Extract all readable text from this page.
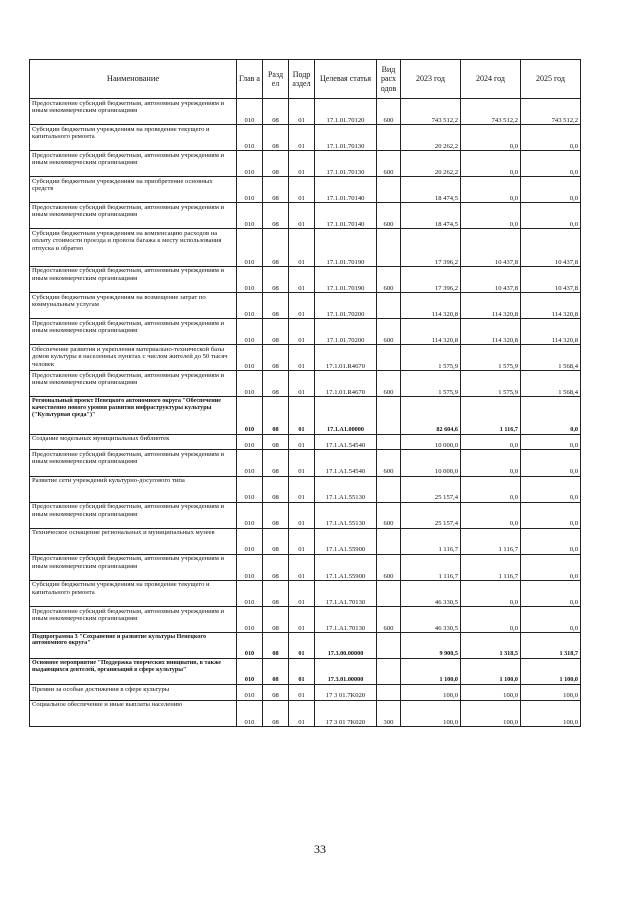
Наименование	Глав а	Разд ел	Подр аздел	Целевая статья	Вид расх одов	2023 год	2024 год	2025 год
Предоставление субсидий бюджетным, автономным учреждениям и иным некоммерческим организациям	010	08	01	17.1.01.70120	600	743 512,2	743 512,2	743 512,2
Субсидии бюджетным учреждениям на проведение текущего и капитального ремонта	010	08	01	17.1.01.70130		20 262,2	0,0	0,0
Предоставление субсидий бюджетным, автономным учреждениям и иным некоммерческим организациям	010	08	01	17.1.01.70130	600	20 262,2	0,0	0,0
Субсидии бюджетным учреждениям на приобретение основных средств	010	08	01	17.1.01.70140		18 474,5	0,0	0,0
Предоставление субсидий бюджетным, автономным учреждениям и иным некоммерческим организациям	010	08	01	17.1.01.70140	600	18 474,5	0,0	0,0
Субсидии бюджетным учреждениям на компенсацию расходов на оплату стоимости проезда и провоза багажа к месту использования отпуска и обратно	010	08	01	17.1.01.70190		17 396,2	10 437,8	10 437,8
Предоставление субсидий бюджетным, автономным учреждениям и иным некоммерческим организациям	010	08	01	17.1.01.70190	600	17 396,2	10 437,8	10 437,8
Субсидии бюджетным учреждениям на возмещение затрат по коммунальным услугам	010	08	01	17.1.01.70200		114 320,8	114 320,8	114 320,8
Предоставление субсидий бюджетным, автономным учреждениям и иным некоммерческим организациям	010	08	01	17.1.01.70200	600	114 320,8	114 320,8	114 320,8
Обеспечение развития и укрепления материально-технической базы домов культуры в населенных пунктах с числом жителей до 50 тысяч человек	010	08	01	17.1.01.R4670		1 575,9	1 575,9	1 568,4
Предоставление субсидий бюджетным, автономным учреждениям и иным некоммерческим организациям	010	08	01	17.1.01.R4670	600	1 575,9	1 575,9	1 568,4
Региональный проект Ненецкого автономного округа "Обеспечение качественно нового уровня развития инфраструктуры культуры ("Культурная среда")"	010	08	01	17.1.A1.00000		82 604,6	1 116,7	0,0
Создание модельных муниципальных библиотек	010	08	01	17.1.A1.54540		10 000,0	0,0	0,0
Предоставление субсидий бюджетным, автономным учреждениям и иным некоммерческим организациям	010	08	01	17.1.A1.54540	600	10 000,0	0,0	0,0
Развитие сети учреждений культурно-досугового типа	010	08	01	17.1.A1.55130		25 157,4	0,0	0,0
Предоставление субсидий бюджетным, автономным учреждениям и иным некоммерческим организациям	010	08	01	17.1.A1.55130	600	25 157,4	0,0	0,0
Техническое оснащение региональных и муниципальных музеев	010	08	01	17.1.A1.55900		1 116,7	1 116,7	0,0
Предоставление субсидий бюджетным, автономным учреждениям и иным некоммерческим организациям	010	08	01	17.1.A1.55900	600	1 116,7	1 116,7	0,0
Субсидии бюджетным учреждениям на проведение текущего и капитального ремонта	010	08	01	17.1.A1.70130		46 330,5	0,0	0,0
Предоставление субсидий бюджетным, автономным учреждениям и иным некоммерческим организациям	010	08	01	17.1.A1.70130	600	46 330,5	0,0	0,0
Подпрограмма 3 "Сохранение и развитие культуры Ненецкого автономного округа"	010	08	01	17.3.00.00000		9 900,5	1 318,5	1 318,7
Основное мероприятие "Поддержка творческих инициатив, в также выдающихся деятелей, организаций в сфере культуры"	010	08	01	17.3.01.00000		1 100,0	1 100,0	1 100,0
Премии за особые достижения в сфере культуры	010	08	01	17 3 01.7K020		100,0	100,0	100,0
Социальное обеспечение и иные выплаты населению	010	08	01	17 3 01 7K020	300	100,0	100,0	100,0
33
